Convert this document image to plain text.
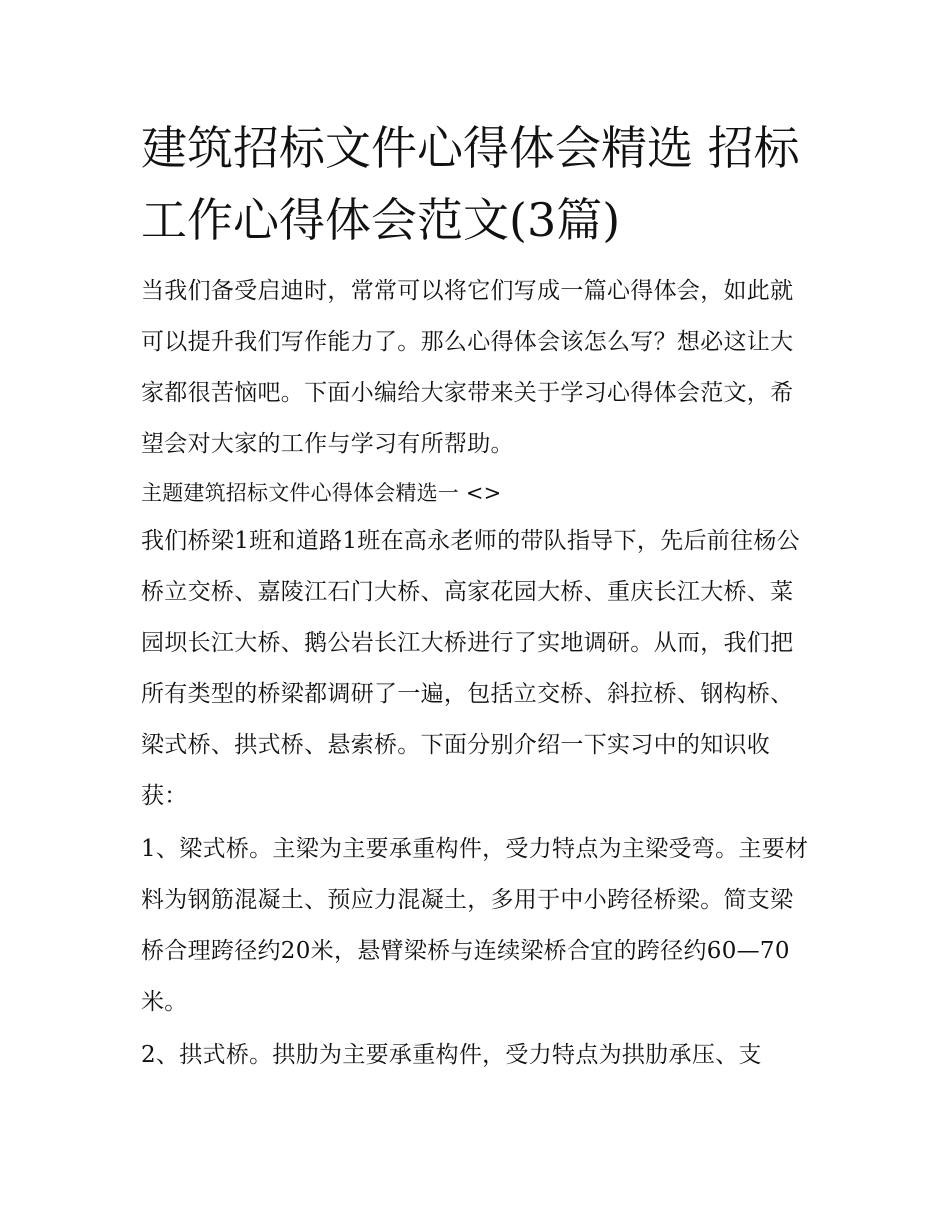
建筑招标文件心得体会精选 招标工作心得体会范文(3篇)

当我们备受启迪时，常常可以将它们写成一篇心得体会，如此就可以提升我们写作能力了。那么心得体会该怎么写？想必这让大家都很苦恼吧。下面小编给大家带来关于学习心得体会范文，希望会对大家的工作与学习有所帮助。

主题建筑招标文件心得体会精选一 <>

我们桥梁1班和道路1班在高永老师的带队指导下，先后前往杨公桥立交桥、嘉陵江石门大桥、高家花园大桥、重庆长江大桥、菜园坝长江大桥、鹅公岩长江大桥进行了实地调研。从而，我们把所有类型的桥梁都调研了一遍，包括立交桥、斜拉桥、钢构桥、梁式桥、拱式桥、悬索桥。下面分别介绍一下实习中的知识收获：

1、梁式桥。主梁为主要承重构件，受力特点为主梁受弯。主要材料为钢筋混凝土、预应力混凝土，多用于中小跨径桥梁。简支梁桥合理跨径约20米，悬臂梁桥与连续梁桥合宜的跨径约60—70米。

2、拱式桥。拱肋为主要承重构件，受力特点为拱肋承压、支
